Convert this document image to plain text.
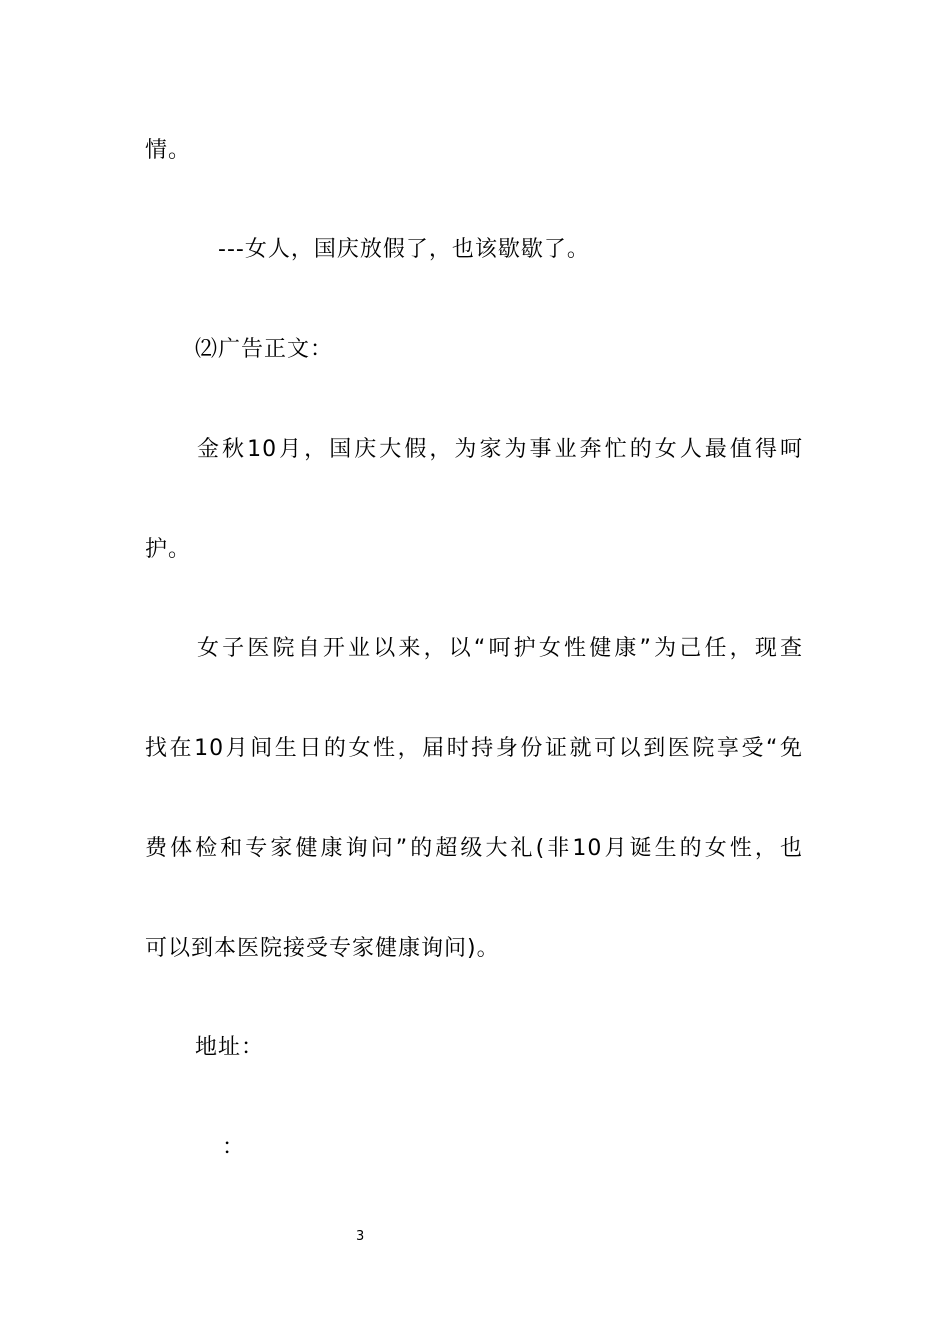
情。
---女人，国庆放假了，也该歇歇了。
⑵广告正文：
金秋10月，国庆大假，为家为事业奔忙的女人最值得呵
护。
女子医院自开业以来，以“呵护女性健康”为己任，现查
找在10月间生日的女性，届时持身份证就可以到医院享受“免
费体检和专家健康询问”的超级大礼(非10月诞生的女性，也
可以到本医院接受专家健康询问)。
地址：
：
3
